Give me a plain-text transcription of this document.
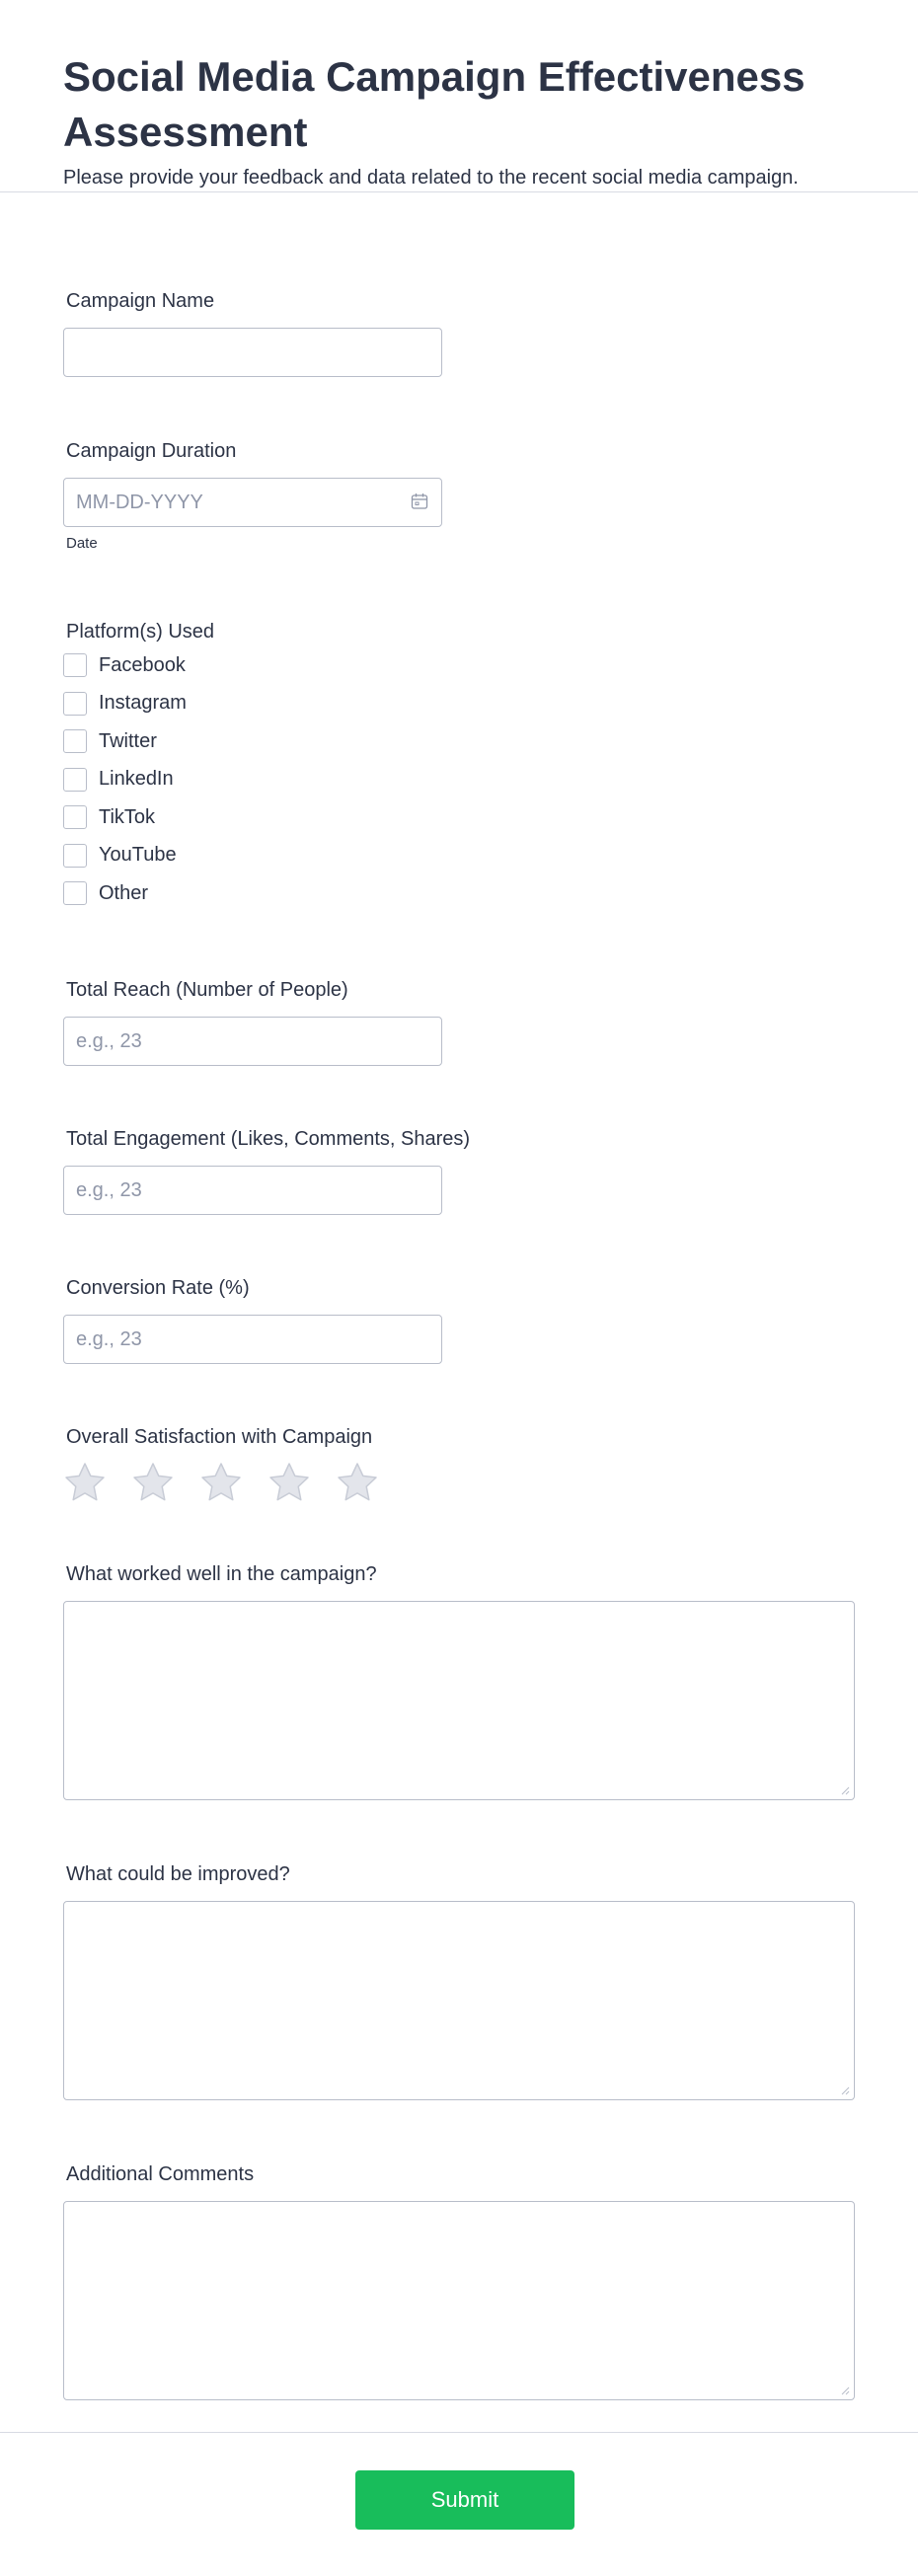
Social Media Campaign Effectiveness Assessment

Please provide your feedback and data related to the recent social media campaign.

Campaign Name
Campaign Duration
MM-DD-YYYY
Date
Platform(s) Used
Facebook
Instagram
Twitter
LinkedIn
TikTok
YouTube
Other
Total Reach (Number of People)
e.g., 23
Total Engagement (Likes, Comments, Shares)
e.g., 23
Conversion Rate (%)
e.g., 23
Overall Satisfaction with Campaign
What worked well in the campaign?
What could be improved?
Additional Comments
Submit
